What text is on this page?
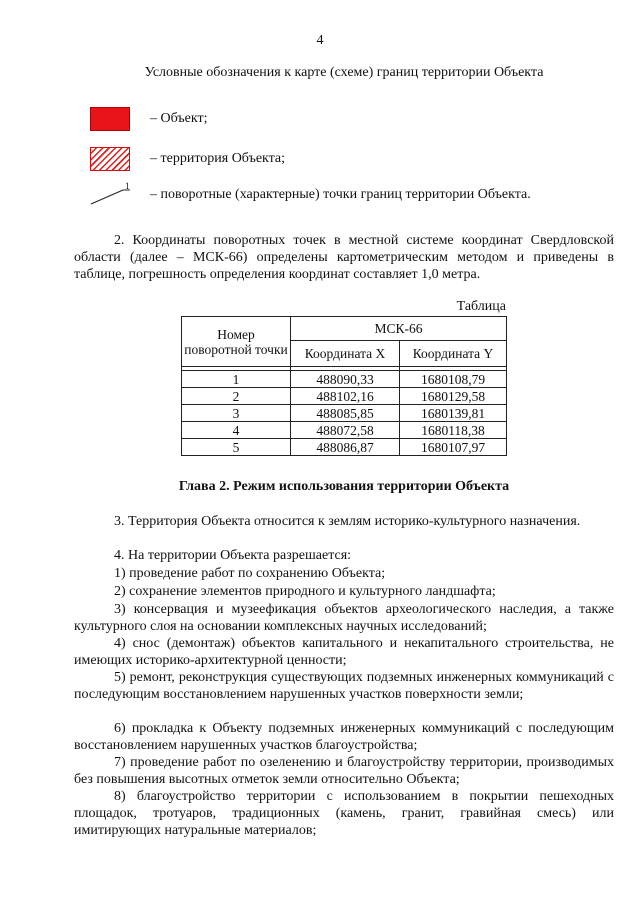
4
Условные обозначения к карте (схеме) границ территории Объекта
– Объект;
– территория Объекта;
1
– поворотные (характерные) точки границ территории Объекта.
2. Координаты поворотных точек в местной системе координат Свердловской области (далее – МСК-66) определены картометрическим методом и приведены в таблице, погрешность определения координат составляет 1,0 метра.
Таблица
Номер поворотной точки	МСК-66	
	Координата X	Координата Y

1	488090,33	1680108,79
2	488102,16	1680129,58
3	488085,85	1680139,81
4	488072,58	1680118,38
5	488086,87	1680107,97
Глава 2. Режим использования территории Объекта
3. Территория Объекта относится к землям историко-культурного назначения.
4. На территории Объекта разрешается:
1) проведение работ по сохранению Объекта;
2) сохранение элементов природного и культурного ландшафта;
3) консервация и музеефикация объектов археологического наследия, а также культурного слоя на основании комплексных научных исследований;
4) снос (демонтаж) объектов капитального и некапитального строительства, не имеющих историко-архитектурной ценности;
5) ремонт, реконструкция существующих подземных инженерных коммуникаций с последующим восстановлением нарушенных участков поверхности земли;
6) прокладка к Объекту подземных инженерных коммуникаций с последующим восстановлением нарушенных участков благоустройства;
7) проведение работ по озеленению и благоустройству территории, производимых без повышения высотных отметок земли относительно Объекта;
8) благоустройство территории с использованием в покрытии пешеходных площадок, тротуаров, традиционных (камень, гранит, гравийная смесь) или имитирующих натуральные материалов;
